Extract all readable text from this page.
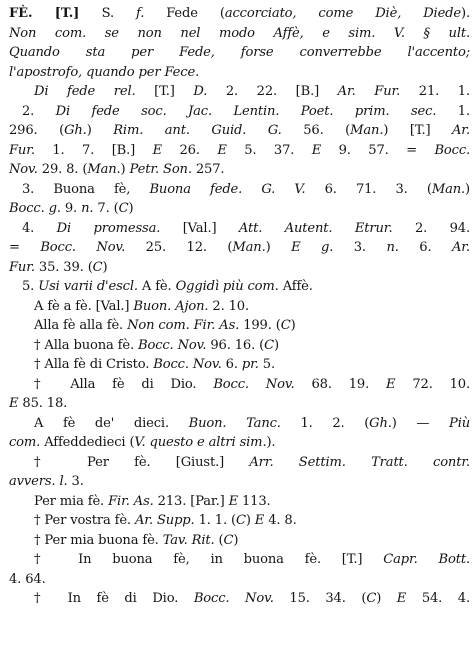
FÈ. [T.] S. f. Fede (accorciato, come Diè, Diede).
Non com. se non nel modo Affè, e sim. V. § ult.
Quando sta per Fede, forse converrebbe l'accento;
l'apostrofo, quando per Fece.
Di fede rel. [T.] D. 2. 22. [B.] Ar. Fur. 21. 1.
2. Di fede soc. Jac. Lentin. Poet. prim. sec. 1.
296. (Gh.) Rim. ant. Guid. G. 56. (Man.) [T.] Ar.
Fur. 1. 7. [B.] E 26. E 5. 37. E 9. 57. = Bocc.
Nov. 29. 8. (Man.) Petr. Son. 257.
3. Buona fè, Buona fede. G. V. 6. 71. 3. (Man.)
Bocc. g. 9. n. 7. (C)
4. Di promessa. [Val.] Att. Autent. Etrur. 2. 94.
= Bocc. Nov. 25. 12. (Man.) E g. 3. n. 6. Ar.
Fur. 35. 39. (C)
5. Usi varii d'escl. A fè. Oggidì più com. Affè.
A fè a fè. [Val.] Buon. Ajon. 2. 10.
Alla fè alla fè. Non com. Fir. As. 199. (C)
† Alla buona fè. Bocc. Nov. 96. 16. (C)
† Alla fè di Cristo. Bocc. Nov. 6. pr. 5.
† Alla fè di Dio. Bocc. Nov. 68. 19. E 72. 10.
E 85. 18.
A fè de' dieci. Buon. Tanc. 1. 2. (Gh.) — Più
com. Affeddedieci (V. questo e altri sim.).
† Per fè. [Giust.] Arr. Settim. Tratt. contr.
avvers. l. 3.
Per mia fè. Fir. As. 213. [Par.] E 113.
† Per vostra fè. Ar. Supp. 1. 1. (C) E 4. 8.
† Per mia buona fè. Tav. Rit. (C)
† In buona fè, in buona fè. [T.] Capr. Bott.
4. 64.
† In fè di Dio. Bocc. Nov. 15. 34. (C) E 54. 4.
